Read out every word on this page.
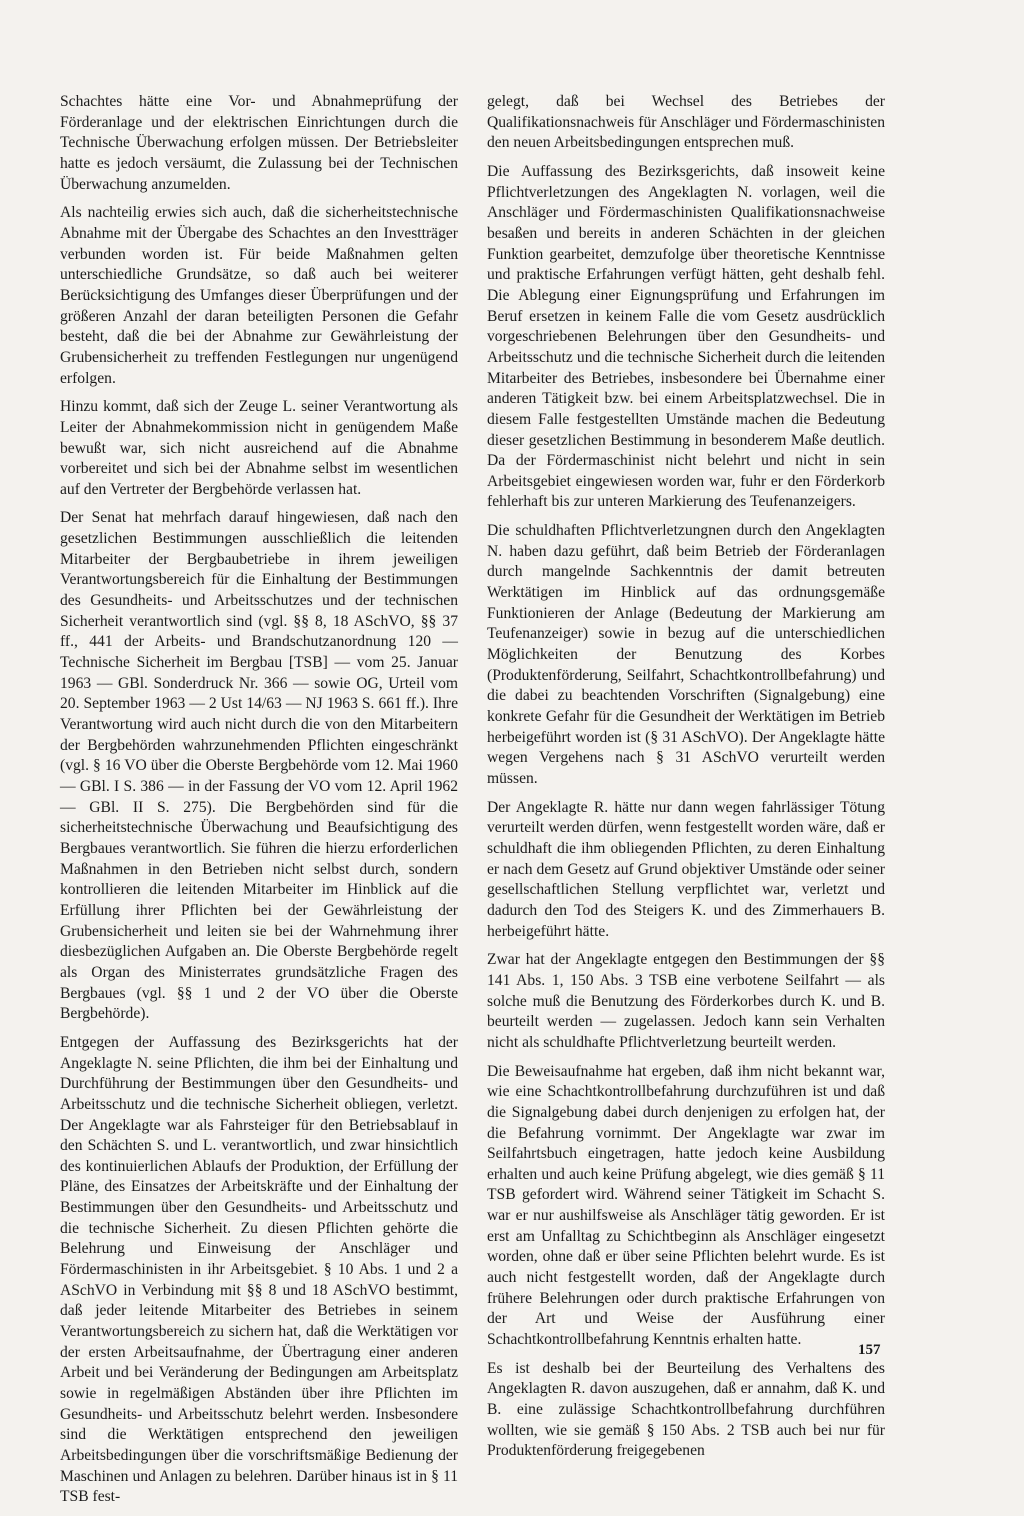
Schachtes hätte eine Vor- und Abnahmeprüfung der Förderanlage und der elektrischen Einrichtungen durch die Technische Überwachung erfolgen müssen. Der Betriebsleiter hatte es jedoch versäumt, die Zulassung bei der Technischen Überwachung anzumelden.

Als nachteilig erwies sich auch, daß die sicherheitstechnische Abnahme mit der Übergabe des Schachtes an den Investträger verbunden worden ist. Für beide Maßnahmen gelten unterschiedliche Grundsätze, so daß auch bei weiterer Berücksichtigung des Umfanges dieser Überprüfungen und der größeren Anzahl der daran beteiligten Personen die Gefahr besteht, daß die bei der Abnahme zur Gewährleistung der Grubensicherheit zu treffenden Festlegungen nur ungenügend erfolgen.

Hinzu kommt, daß sich der Zeuge L. seiner Verantwortung als Leiter der Abnahmekommission nicht in genügendem Maße bewußt war, sich nicht ausreichend auf die Abnahme vorbereitet und sich bei der Abnahme selbst im wesentlichen auf den Vertreter der Bergbehörde verlassen hat.

Der Senat hat mehrfach darauf hingewiesen, daß nach den gesetzlichen Bestimmungen ausschließlich die leitenden Mitarbeiter der Bergbaubetriebe in ihrem jeweiligen Verantwortungsbereich für die Einhaltung der Bestimmungen des Gesundheits- und Arbeitsschutzes und der technischen Sicherheit verantwortlich sind (vgl. §§ 8, 18 ASchVO, §§ 37 ff., 441 der Arbeits- und Brandschutzanordnung 120 — Technische Sicherheit im Bergbau [TSB] — vom 25. Januar 1963 — GBl. Sonderdruck Nr. 366 — sowie OG, Urteil vom 20. September 1963 — 2 Ust 14/63 — NJ 1963 S. 661 ff.). Ihre Verantwortung wird auch nicht durch die von den Mitarbeitern der Bergbehörden wahrzunehmenden Pflichten eingeschränkt (vgl. § 16 VO über die Oberste Bergbehörde vom 12. Mai 1960 — GBl. I S. 386 — in der Fassung der VO vom 12. April 1962 — GBl. II S. 275). Die Bergbehörden sind für die sicherheitstechnische Überwachung und Beaufsichtigung des Bergbaues verantwortlich. Sie führen die hierzu erforderlichen Maßnahmen in den Betrieben nicht selbst durch, sondern kontrollieren die leitenden Mitarbeiter im Hinblick auf die Erfüllung ihrer Pflichten bei der Gewährleistung der Grubensicherheit und leiten sie bei der Wahrnehmung ihrer diesbezüglichen Aufgaben an. Die Oberste Bergbehörde regelt als Organ des Ministerrates grundsätzliche Fragen des Bergbaues (vgl. §§ 1 und 2 der VO über die Oberste Bergbehörde).

Entgegen der Auffassung des Bezirksgerichts hat der Angeklagte N. seine Pflichten, die ihm bei der Einhaltung und Durchführung der Bestimmungen über den Gesundheits- und Arbeitsschutz und die technische Sicherheit obliegen, verletzt. Der Angeklagte war als Fahrsteiger für den Betriebsablauf in den Schächten S. und L. verantwortlich, und zwar hinsichtlich des kontinuierlichen Ablaufs der Produktion, der Erfüllung der Pläne, des Einsatzes der Arbeitskräfte und der Einhaltung der Bestimmungen über den Gesundheits- und Arbeitsschutz und die technische Sicherheit. Zu diesen Pflichten gehörte die Belehrung und Einweisung der Anschläger und Fördermaschinisten in ihr Arbeitsgebiet. § 10 Abs. 1 und 2 a ASchVO in Verbindung mit §§ 8 und 18 ASchVO bestimmt, daß jeder leitende Mitarbeiter des Betriebes in seinem Verantwortungsbereich zu sichern hat, daß die Werktätigen vor der ersten Arbeitsaufnahme, der Übertragung einer anderen Arbeit und bei Veränderung der Bedingungen am Arbeitsplatz sowie in regelmäßigen Abständen über ihre Pflichten im Gesundheits- und Arbeitsschutz belehrt werden. Insbesondere sind die Werktätigen entsprechend den jeweiligen Arbeitsbedingungen über die vorschriftsmäßige Bedienung der Maschinen und Anlagen zu belehren. Darüber hinaus ist in § 11 TSB fest-

gelegt, daß bei Wechsel des Betriebes der Qualifikationsnachweis für Anschläger und Fördermaschinisten den neuen Arbeitsbedingungen entsprechen muß.

Die Auffassung des Bezirksgerichts, daß insoweit keine Pflichtverletzungen des Angeklagten N. vorlagen, weil die Anschläger und Fördermaschinisten Qualifikationsnachweise besaßen und bereits in anderen Schächten in der gleichen Funktion gearbeitet, demzufolge über theoretische Kenntnisse und praktische Erfahrungen verfügt hätten, geht deshalb fehl. Die Ablegung einer Eignungsprüfung und Erfahrungen im Beruf ersetzen in keinem Falle die vom Gesetz ausdrücklich vorgeschriebenen Belehrungen über den Gesundheits- und Arbeitsschutz und die technische Sicherheit durch die leitenden Mitarbeiter des Betriebes, insbesondere bei Übernahme einer anderen Tätigkeit bzw. bei einem Arbeitsplatzwechsel. Die in diesem Falle festgestellten Umstände machen die Bedeutung dieser gesetzlichen Bestimmung in besonderem Maße deutlich. Da der Fördermaschinist nicht belehrt und nicht in sein Arbeitsgebiet eingewiesen worden war, fuhr er den Förderkorb fehlerhaft bis zur unteren Markierung des Teufenanzeigers.

Die schuldhaften Pflichtverletzungnen durch den Angeklagten N. haben dazu geführt, daß beim Betrieb der Förderanlagen durch mangelnde Sachkenntnis der damit betreuten Werktätigen im Hinblick auf das ordnungsgemäße Funktionieren der Anlage (Bedeutung der Markierung am Teufenanzeiger) sowie in bezug auf die unterschiedlichen Möglichkeiten der Benutzung des Korbes (Produktenförderung, Seilfahrt, Schachtkontrollbefahrung) und die dabei zu beachtenden Vorschriften (Signalgebung) eine konkrete Gefahr für die Gesundheit der Werktätigen im Betrieb herbeigeführt worden ist (§ 31 ASchVO). Der Angeklagte hätte wegen Vergehens nach § 31 ASchVO verurteilt werden müssen.

Der Angeklagte R. hätte nur dann wegen fahrlässiger Tötung verurteilt werden dürfen, wenn festgestellt worden wäre, daß er schuldhaft die ihm obliegenden Pflichten, zu deren Einhaltung er nach dem Gesetz auf Grund objektiver Umstände oder seiner gesellschaftlichen Stellung verpflichtet war, verletzt und dadurch den Tod des Steigers K. und des Zimmerhauers B. herbeigeführt hätte.

Zwar hat der Angeklagte entgegen den Bestimmungen der §§ 141 Abs. 1, 150 Abs. 3 TSB eine verbotene Seilfahrt — als solche muß die Benutzung des Förderkorbes durch K. und B. beurteilt werden — zugelassen. Jedoch kann sein Verhalten nicht als schuldhafte Pflichtverletzung beurteilt werden.

Die Beweisaufnahme hat ergeben, daß ihm nicht bekannt war, wie eine Schachtkontrollbefahrung durchzuführen ist und daß die Signalgebung dabei durch denjenigen zu erfolgen hat, der die Befahrung vornimmt. Der Angeklagte war zwar im Seilfahrtsbuch eingetragen, hatte jedoch keine Ausbildung erhalten und auch keine Prüfung abgelegt, wie dies gemäß § 11 TSB gefordert wird. Während seiner Tätigkeit im Schacht S. war er nur aushilfsweise als Anschläger tätig geworden. Er ist erst am Unfalltag zu Schichtbeginn als Anschläger eingesetzt worden, ohne daß er über seine Pflichten belehrt wurde. Es ist auch nicht festgestellt worden, daß der Angeklagte durch frühere Belehrungen oder durch praktische Erfahrungen von der Art und Weise der Ausführung einer Schachtkontrollbefahrung Kenntnis erhalten hatte.

Es ist deshalb bei der Beurteilung des Verhaltens des Angeklagten R. davon auszugehen, daß er annahm, daß K. und B. eine zulässige Schachtkontrollbefahrung durchführen wollten, wie sie gemäß § 150 Abs. 2 TSB auch bei nur für Produktenförderung freigegebenen

157
